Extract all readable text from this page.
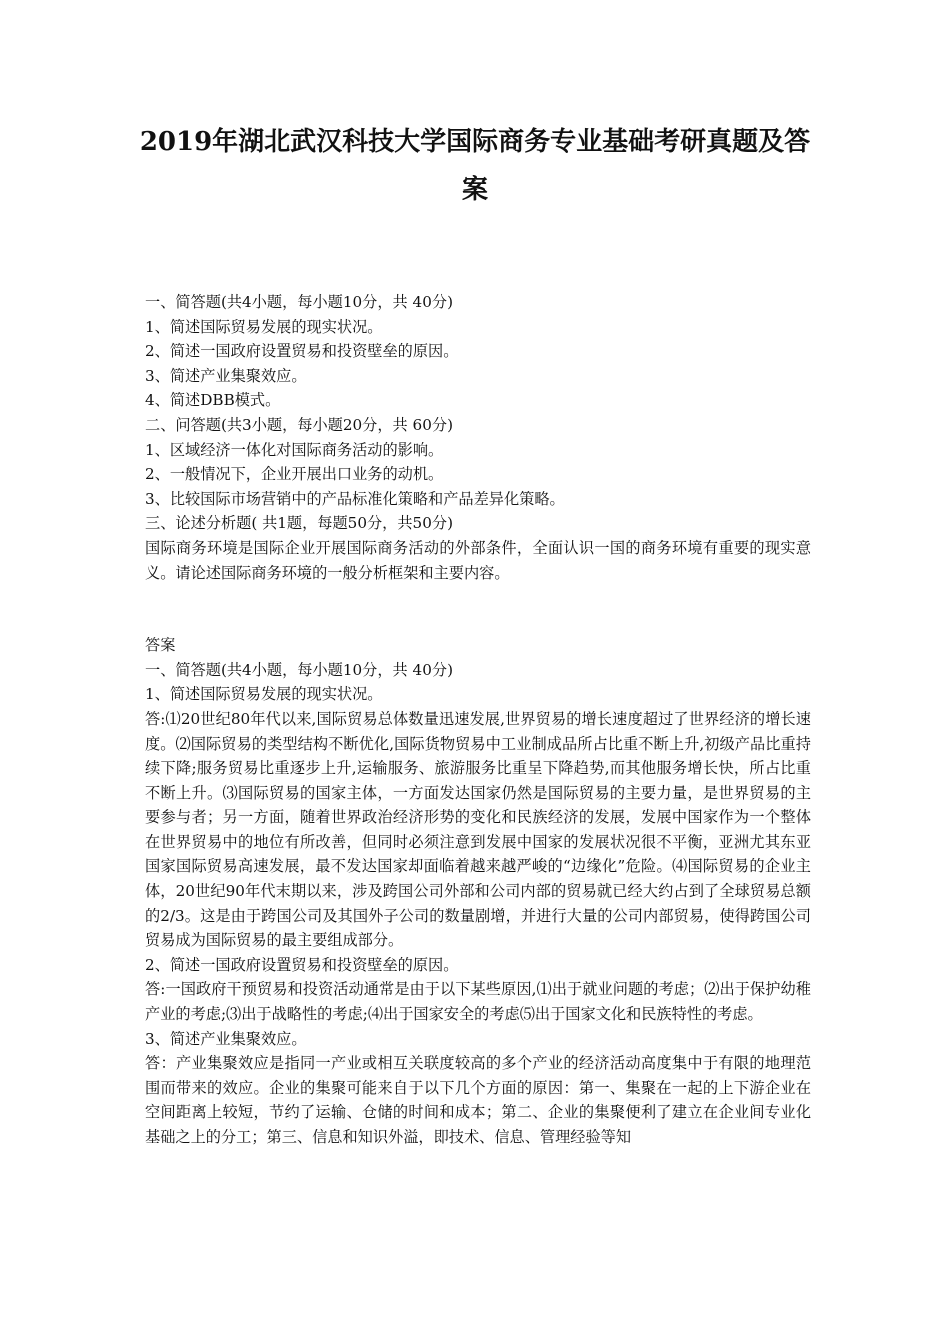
2019年湖北武汉科技大学国际商务专业基础考研真题及答
案

一、简答题(共4小题，每小题10分，共 40分)

1、简述国际贸易发展的现实状况。

2、简述一国政府设置贸易和投资壁垒的原因。

3、简述产业集聚效应。

4、简述DBB模式。

二、问答题(共3小题，每小题20分，共 60分)

1、区域经济一体化对国际商务活动的影响。

2、一般情况下，企业开展出口业务的动机。

3、比较国际市场营销中的产品标准化策略和产品差异化策略。

三、论述分析题( 共1题，每题50分，共50分)

国际商务环境是国际企业开展国际商务活动的外部条件，全面认识一国的商务环境有重要的现实意义。请论述国际商务环境的一般分析框架和主要内容。

答案

一、简答题(共4小题，每小题10分，共 40分)

1、简述国际贸易发展的现实状况。

答:⑴20世纪80年代以来,国际贸易总体数量迅速发展,世界贸易的增长速度超过了世界经济的增长速度。⑵国际贸易的类型结构不断优化,国际货物贸易中工业制成品所占比重不断上升,初级产品比重持续下降;服务贸易比重逐步上升,运输服务、旅游服务比重呈下降趋势,而其他服务增长快，所占比重不断上升。⑶国际贸易的国家主体，一方面发达国家仍然是国际贸易的主要力量，是世界贸易的主要参与者；另一方面，随着世界政治经济形势的变化和民族经济的发展，发展中国家作为一个整体在世界贸易中的地位有所改善，但同时必须注意到发展中国家的发展状况很不平衡，亚洲尤其东亚国家国际贸易高速发展，最不发达国家却面临着越来越严峻的“边缘化”危险。⑷国际贸易的企业主体，20世纪90年代末期以来，涉及跨国公司外部和公司内部的贸易就已经大约占到了全球贸易总额的2/3。这是由于跨国公司及其国外子公司的数量剧增，并进行大量的公司内部贸易，使得跨国公司贸易成为国际贸易的最主要组成部分。

2、简述一国政府设置贸易和投资壁垒的原因。

答:一国政府干预贸易和投资活动通常是由于以下某些原因,⑴出于就业问题的考虑；⑵出于保护幼稚产业的考虑;⑶出于战略性的考虑;⑷出于国家安全的考虑⑸出于国家文化和民族特性的考虑。

3、简述产业集聚效应。

答：产业集聚效应是指同一产业或相互关联度较高的多个产业的经济活动高度集中于有限的地理范围而带来的效应。企业的集聚可能来自于以下几个方面的原因：第一、集聚在一起的上下游企业在空间距离上较短，节约了运输、仓储的时间和成本；第二、企业的集聚便利了建立在企业间专业化基础之上的分工；第三、信息和知识外溢，即技术、信息、管理经验等知
